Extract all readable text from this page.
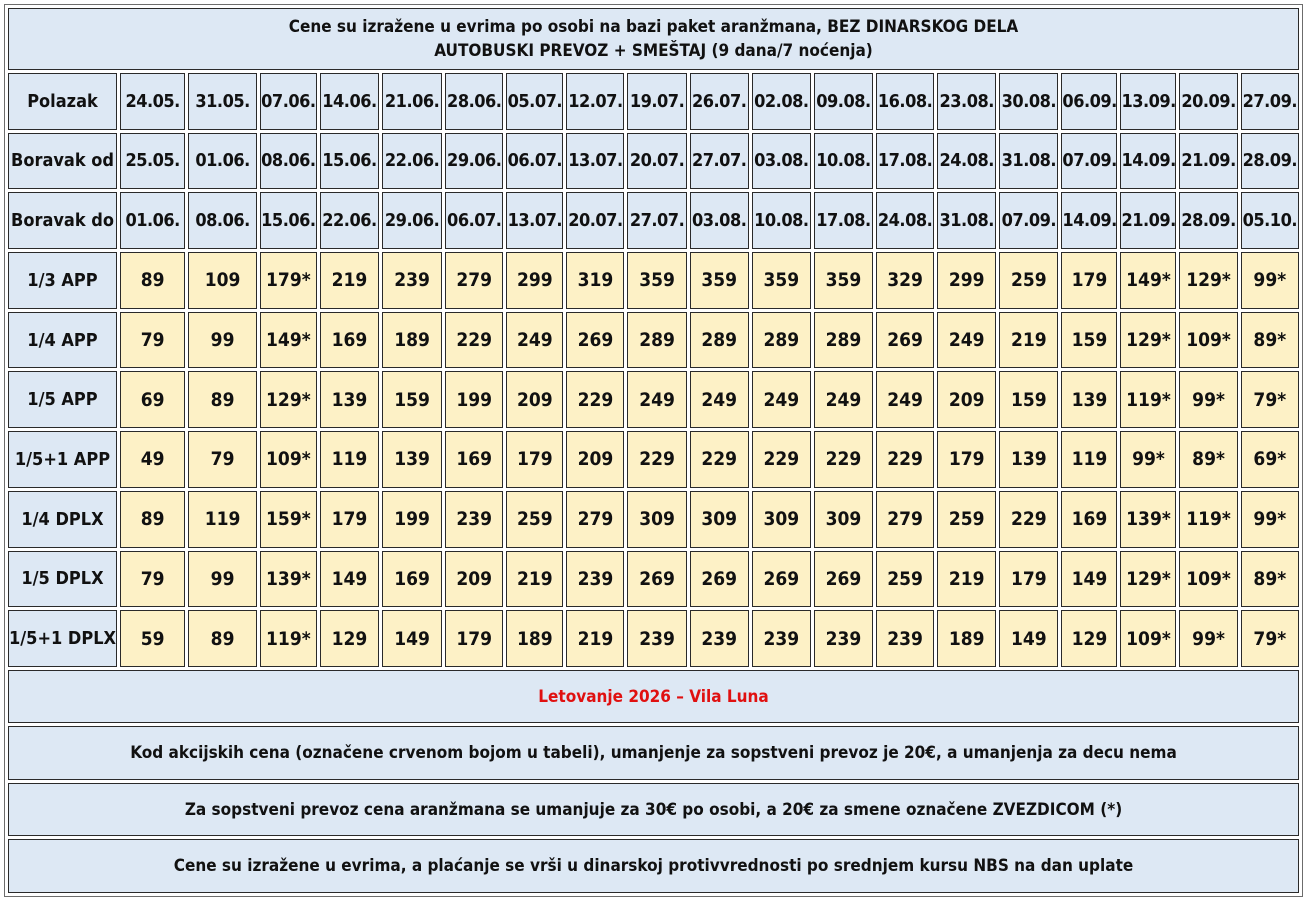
Cene su izražene u evrima po osobi na bazi paket aranžmana, BEZ DINARSKOG DELA
AUTOBUSKI PREVOZ + SMEŠTAJ (9 dana/7 noćenja)																			

Polazak	24.05.	31.05.	07.06.	14.06.	21.06.	28.06.	05.07.	12.07.	19.07.	26.07.	02.08.	09.08.	16.08.	23.08.	30.08.	06.09.	13.09.	20.09.	27.09.
Boravak od	25.05.	01.06.	08.06.	15.06.	22.06.	29.06.	06.07.	13.07.	20.07.	27.07.	03.08.	10.08.	17.08.	24.08.	31.08.	07.09.	14.09.	21.09.	28.09.
Boravak do	01.06.	08.06.	15.06.	22.06.	29.06.	06.07.	13.07.	20.07.	27.07.	03.08.	10.08.	17.08.	24.08.	31.08.	07.09.	14.09.	21.09.	28.09.	05.10.
1/3 APP	89	109	179*	219	239	279	299	319	359	359	359	359	329	299	259	179	149*	129*	99*
1/4 APP	79	99	149*	169	189	229	249	269	289	289	289	289	269	249	219	159	129*	109*	89*
1/5 APP	69	89	129*	139	159	199	209	229	249	249	249	249	249	209	159	139	119*	99*	79*
1/5+1 APP	49	79	109*	119	139	169	179	209	229	229	229	229	229	179	139	119	99*	89*	69*
1/4 DPLX	89	119	159*	179	199	239	259	279	309	309	309	309	279	259	229	169	139*	119*	99*
1/5 DPLX	79	99	139*	149	169	209	219	239	269	269	269	269	259	219	179	149	129*	109*	89*
1/5+1 DPLX	59	89	119*	129	149	179	189	219	239	239	239	239	239	189	149	129	109*	99*	79*
Letovanje 2026 – Vila Luna																			
Kod akcijskih cena (označene crvenom bojom u tabeli), umanjenje za sopstveni prevoz je 20€, a umanjenja za decu nema																			
Za sopstveni prevoz cena aranžmana se umanjuje za 30€ po osobi, a 20€ za smene označene ZVEZDICOM (*)																			
Cene su izražene u evrima, a plaćanje se vrši u dinarskoj protivvrednosti po srednjem kursu NBS na dan uplate																			
